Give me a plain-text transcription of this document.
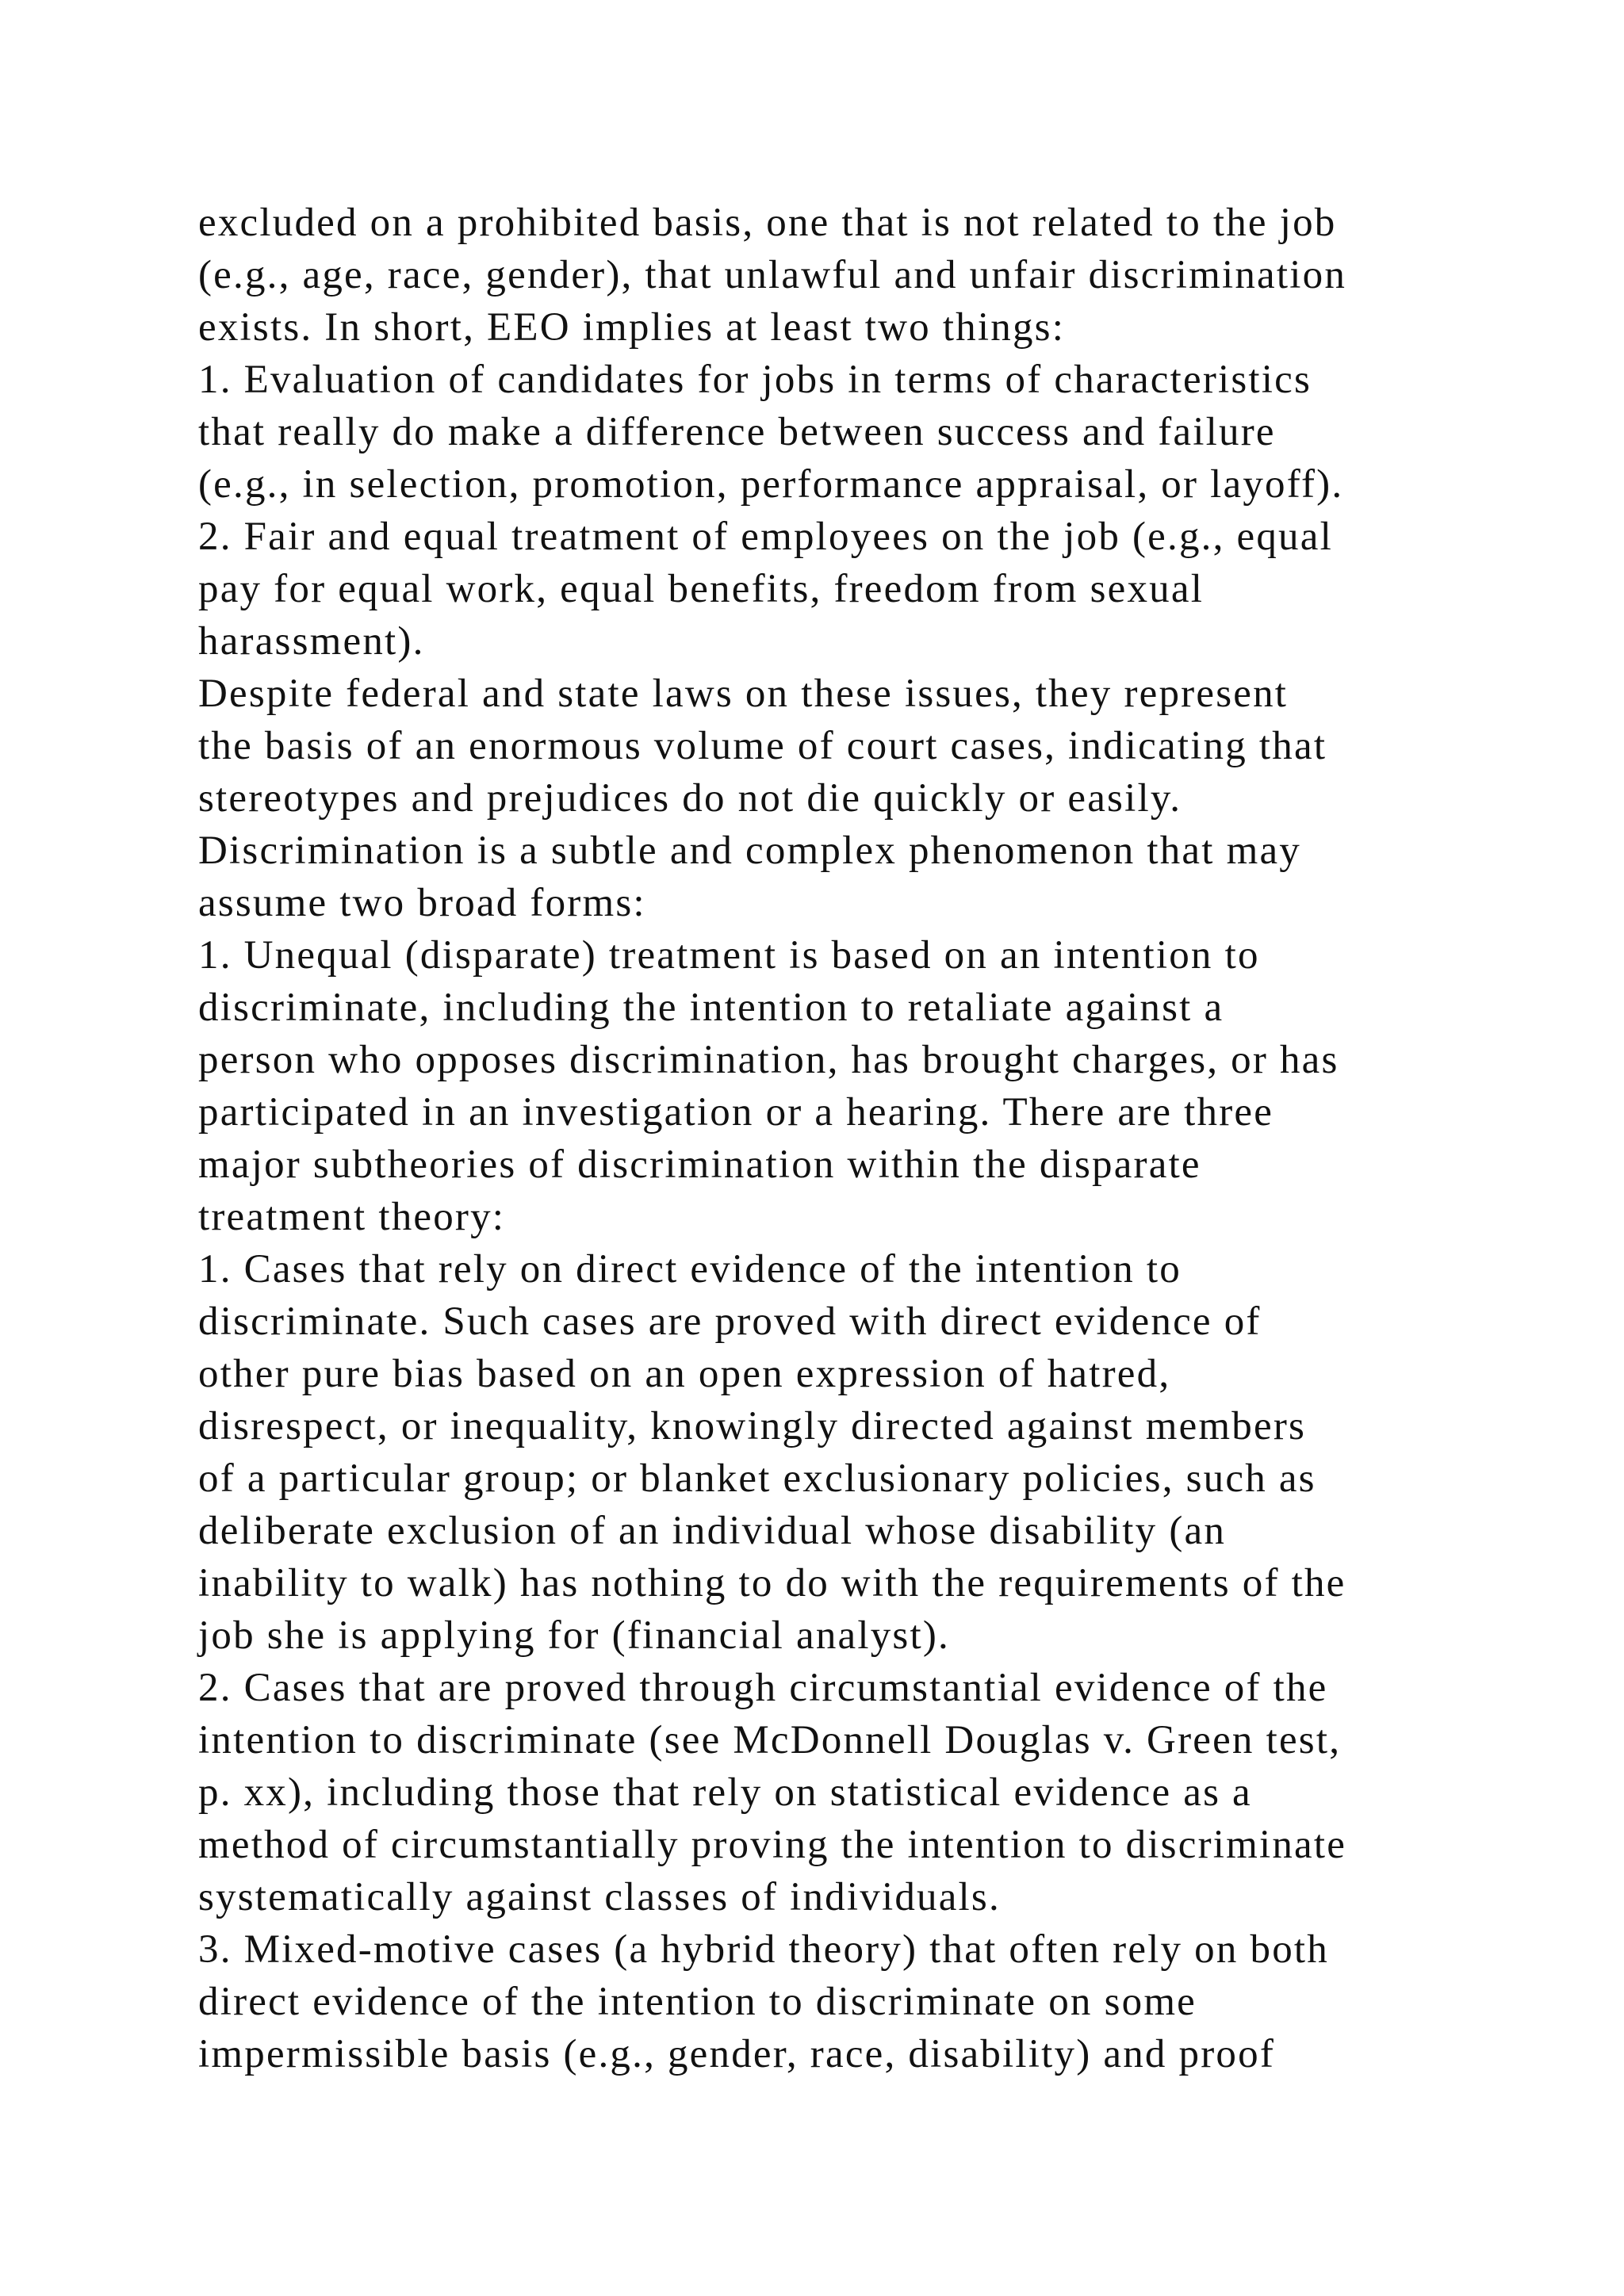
excluded on a prohibited basis, one that is not related to the job
(e.g., age, race, gender), that unlawful and unfair discrimination
exists. In short, EEO implies at least two things:
1. Evaluation of candidates for jobs in terms of characteristics
that really do make a difference between success and failure
(e.g., in selection, promotion, performance appraisal, or layoff).
2. Fair and equal treatment of employees on the job (e.g., equal
pay for equal work, equal benefits, freedom from sexual
harassment).
Despite federal and state laws on these issues, they represent
the basis of an enormous volume of court cases, indicating that
stereotypes and prejudices do not die quickly or easily.
Discrimination is a subtle and complex phenomenon that may
assume two broad forms:
1. Unequal (disparate) treatment is based on an intention to
discriminate, including the intention to retaliate against a
person who opposes discrimination, has brought charges, or has
participated in an investigation or a hearing. There are three
major subtheories of discrimination within the disparate
treatment theory:
1. Cases that rely on direct evidence of the intention to
discriminate. Such cases are proved with direct evidence of
other pure bias based on an open expression of hatred,
disrespect, or inequality, knowingly directed against members
of a particular group; or blanket exclusionary policies, such as
deliberate exclusion of an individual whose disability (an
inability to walk) has nothing to do with the requirements of the
job she is applying for (financial analyst).
2. Cases that are proved through circumstantial evidence of the
intention to discriminate (see McDonnell Douglas v. Green test,
p. xx), including those that rely on statistical evidence as a
method of circumstantially proving the intention to discriminate
systematically against classes of individuals.
3. Mixed-motive cases (a hybrid theory) that often rely on both
direct evidence of the intention to discriminate on some
impermissible basis (e.g., gender, race, disability) and proof
